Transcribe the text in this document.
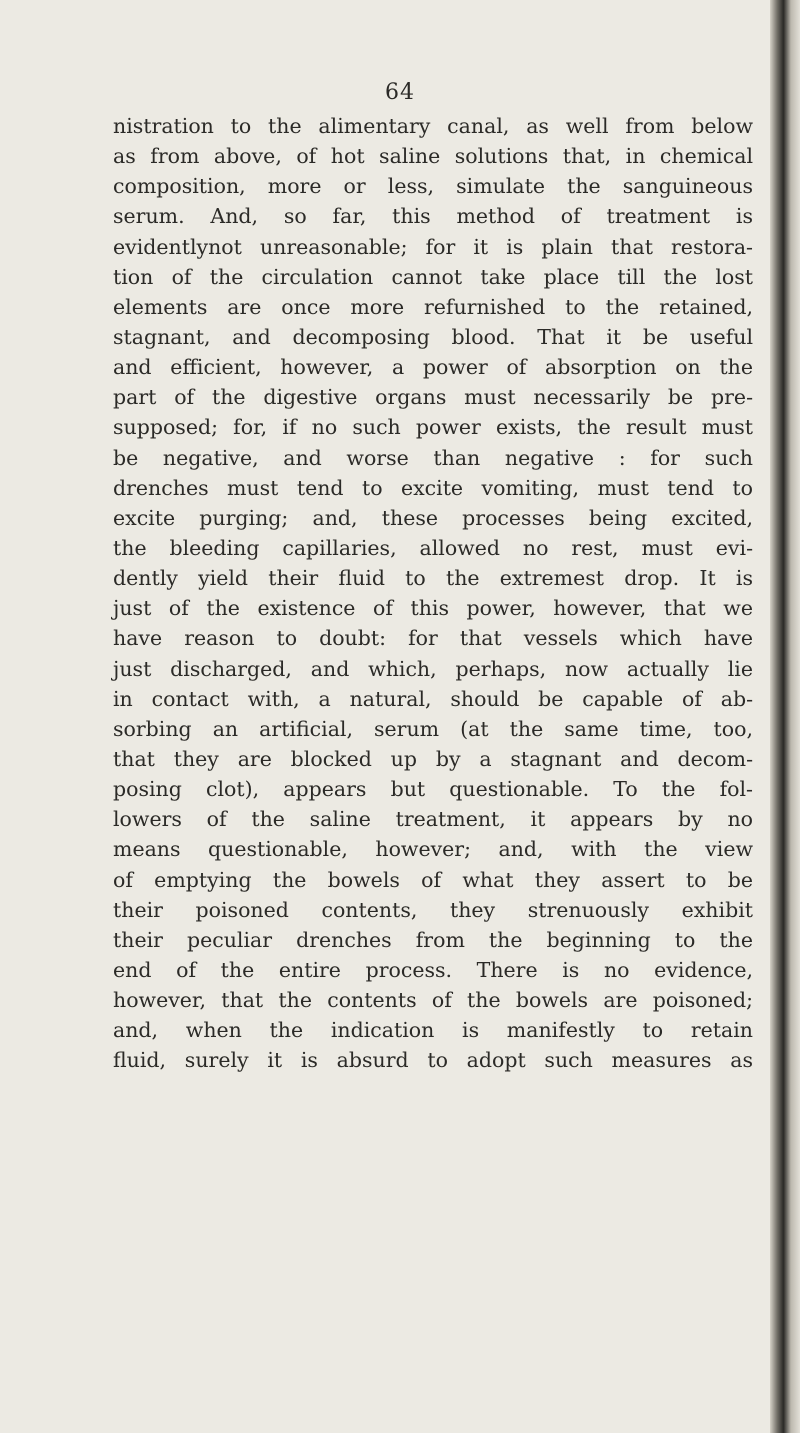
64
nistration to the alimentary canal, as well from below
as from above, of hot saline solutions that, in chemical
composition, more or less, simulate the sanguineous
serum. And, so far, this method of treatment is
evidentlynot unreasonable; for it is plain that restora-
tion of the circulation cannot take place till the lost
elements are once more refurnished to the retained,
stagnant, and decomposing blood. That it be useful
and efficient, however, a power of absorption on the
part of the digestive organs must necessarily be pre-
supposed; for, if no such power exists, the result must
be negative, and worse than negative : for such
drenches must tend to excite vomiting, must tend to
excite purging; and, these processes being excited,
the bleeding capillaries, allowed no rest, must evi-
dently yield their fluid to the extremest drop. It is
just of the existence of this power, however, that we
have reason to doubt: for that vessels which have
just discharged, and which, perhaps, now actually lie
in contact with, a natural, should be capable of ab-
sorbing an artificial, serum (at the same time, too,
that they are blocked up by a stagnant and decom-
posing clot), appears but questionable. To the fol-
lowers of the saline treatment, it appears by no
means questionable, however; and, with the view
of emptying the bowels of what they assert to be
their poisoned contents, they strenuously exhibit
their peculiar drenches from the beginning to the
end of the entire process. There is no evidence,
however, that the contents of the bowels are poisoned;
and, when the indication is manifestly to retain
fluid, surely it is absurd to adopt such measures as
